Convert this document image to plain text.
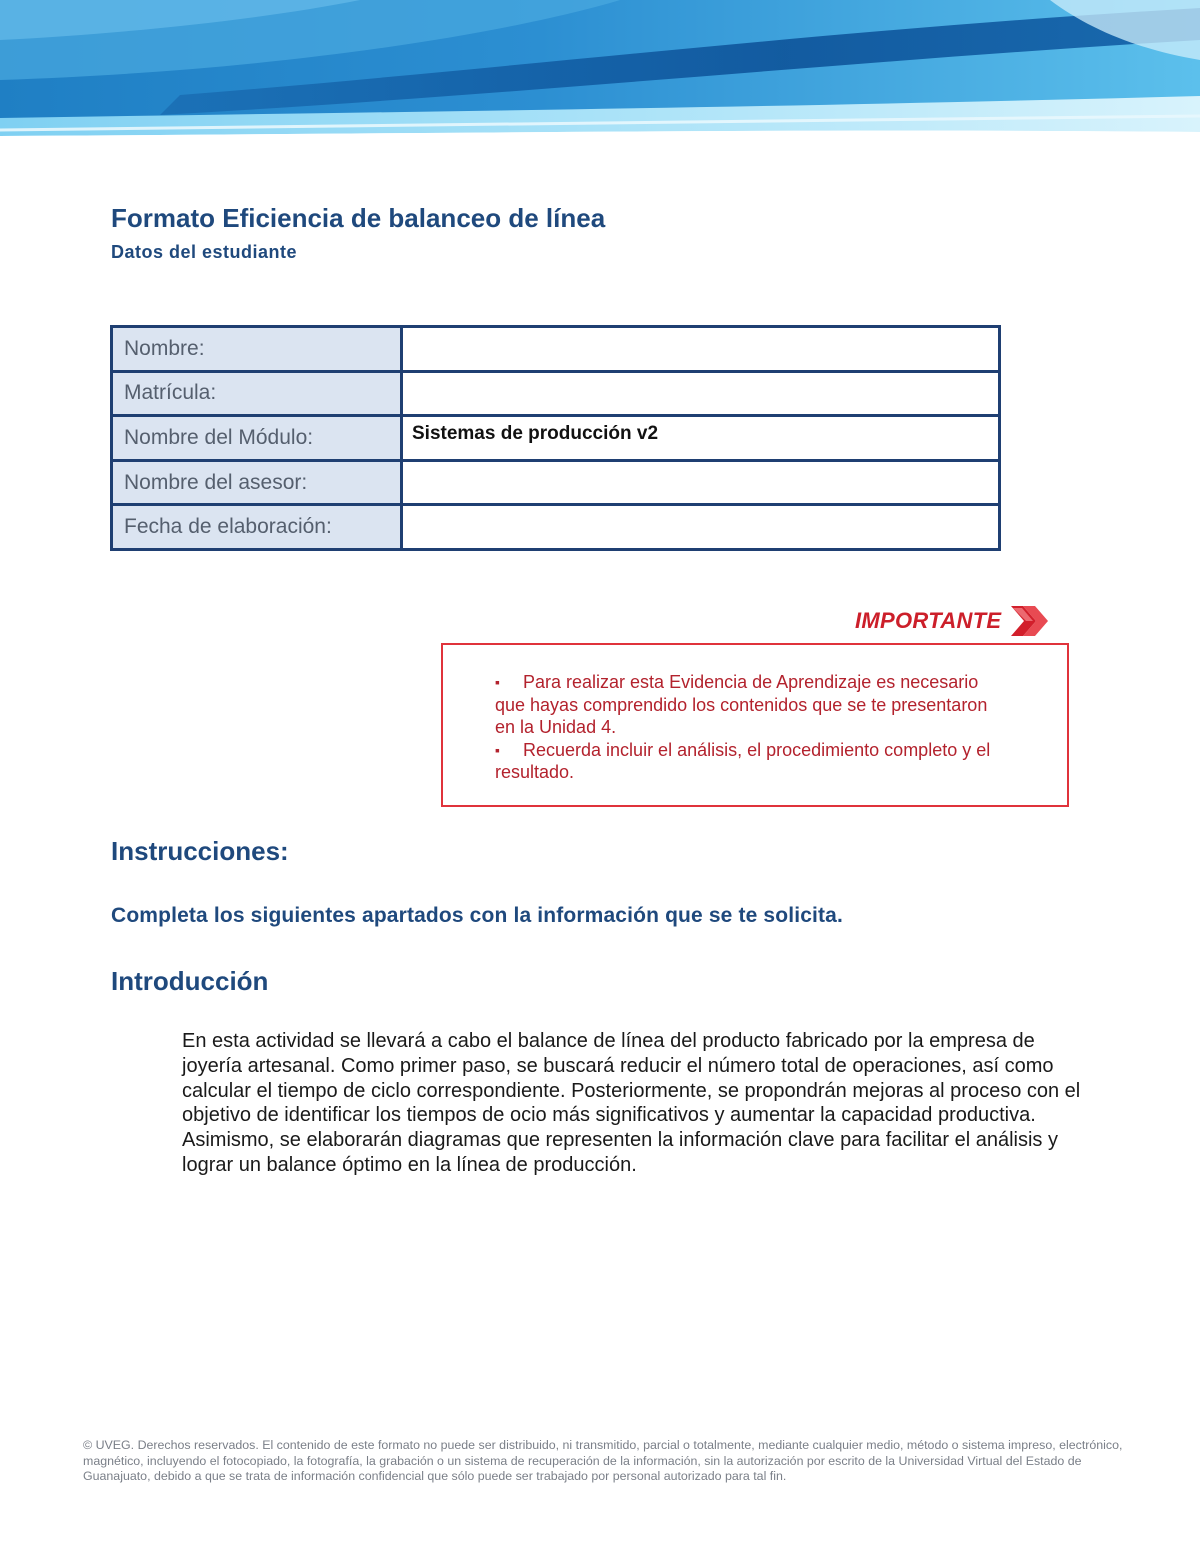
Formato Eficiencia de balanceo de línea
Datos del estudiante
Nombre:	
Matrícula:	
Nombre del Módulo:	Sistemas de producción v2
Nombre del asesor:	
Fecha de elaboración:	
IMPORTANTE
▪ Para realizar esta Evidencia de Aprendizaje es necesario que hayas comprendido los contenidos que se te presentaron en la Unidad 4.
▪ Recuerda incluir el análisis, el procedimiento completo y el resultado.
Instrucciones:
Completa los siguientes apartados con la información que se te solicita.
Introducción
En esta actividad se llevará a cabo el balance de línea del producto fabricado por la empresa de joyería artesanal. Como primer paso, se buscará reducir el número total de operaciones, así como calcular el tiempo de ciclo correspondiente. Posteriormente, se propondrán mejoras al proceso con el objetivo de identificar los tiempos de ocio más significativos y aumentar la capacidad productiva. Asimismo, se elaborarán diagramas que representen la información clave para facilitar el análisis y lograr un balance óptimo en la línea de producción.
© UVEG. Derechos reservados. El contenido de este formato no puede ser distribuido, ni transmitido, parcial o totalmente, mediante cualquier medio, método o sistema impreso, electrónico, magnético, incluyendo el fotocopiado, la fotografía, la grabación o un sistema de recuperación de la información, sin la autorización por escrito de la Universidad Virtual del Estado de Guanajuato, debido a que se trata de información confidencial que sólo puede ser trabajado por personal autorizado para tal fin.
